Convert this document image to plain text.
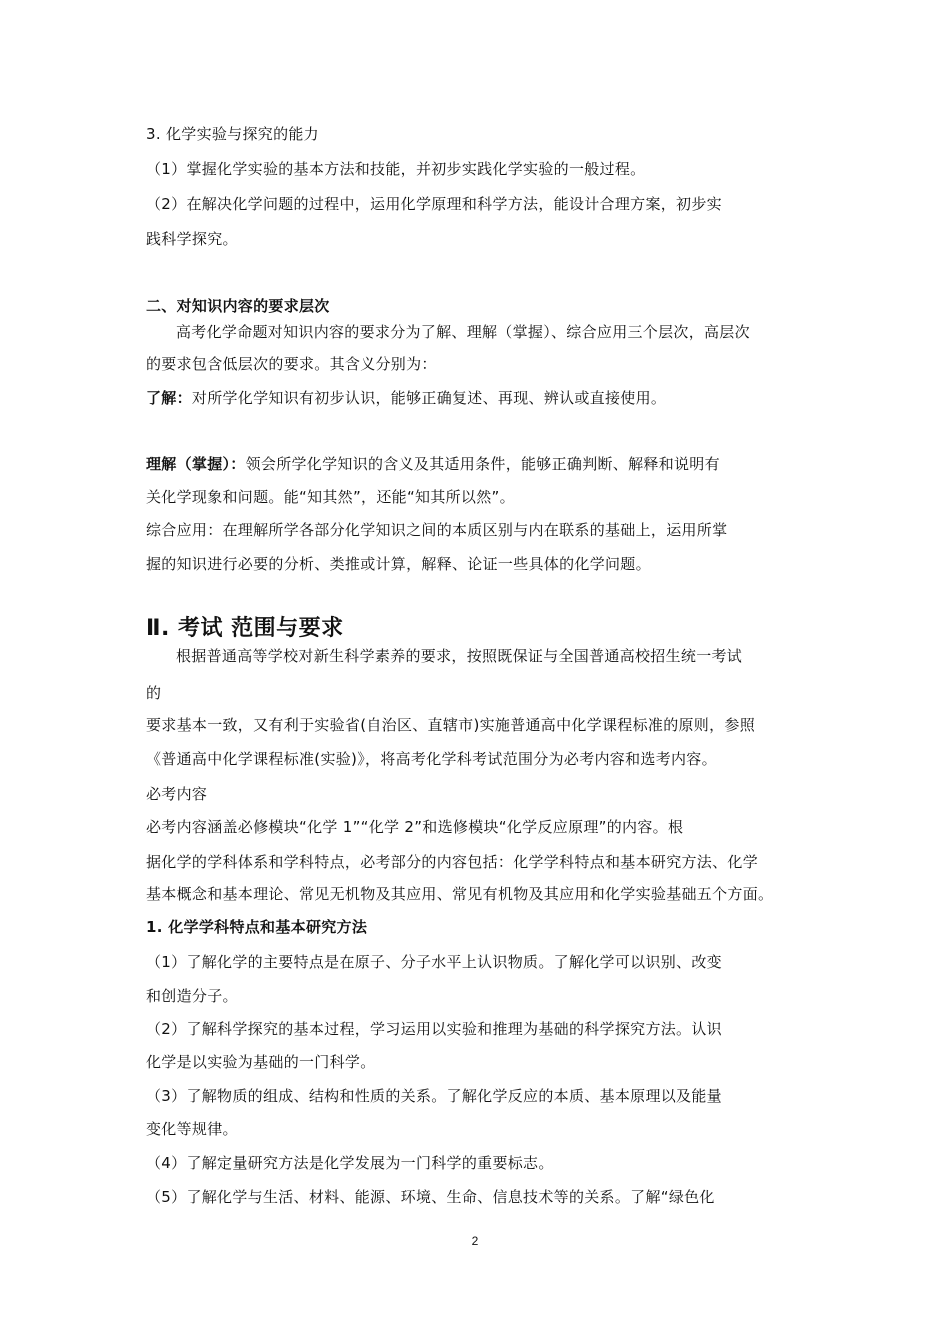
3. 化学实验与探究的能力
（1）掌握化学实验的基本方法和技能，并初步实践化学实验的一般过程。
（2）在解决化学问题的过程中，运用化学原理和科学方法，能设计合理方案，初步实
践科学探究。
二、对知识内容的要求层次
高考化学命题对知识内容的要求分为了解、理解（掌握）、综合应用三个层次，高层次
的要求包含低层次的要求。其含义分别为：
了解：对所学化学知识有初步认识，能够正确复述、再现、辨认或直接使用。
理解（掌握）：领会所学化学知识的含义及其适用条件，能够正确判断、解释和说明有
关化学现象和问题。能“知其然”，还能“知其所以然”。
综合应用：在理解所学各部分化学知识之间的本质区别与内在联系的基础上，运用所掌
握的知识进行必要的分析、类推或计算，解释、论证一些具体的化学问题。
Ⅱ. 考试 范围与要求
根据普通高等学校对新生科学素养的要求，按照既保证与全国普通高校招生统一考试
的
要求基本一致，又有利于实验省(自治区、直辖市)实施普通高中化学课程标准的原则，参照
《普通高中化学课程标准(实验)》，将高考化学科考试范围分为必考内容和选考内容。
必考内容
必考内容涵盖必修模块“化学 1”“化学 2”和选修模块“化学反应原理”的内容。根
据化学的学科体系和学科特点，必考部分的内容包括：化学学科特点和基本研究方法、化学
基本概念和基本理论、常见无机物及其应用、常见有机物及其应用和化学实验基础五个方面。
1. 化学学科特点和基本研究方法
（1）了解化学的主要特点是在原子、分子水平上认识物质。了解化学可以识别、改变
和创造分子。
（2）了解科学探究的基本过程，学习运用以实验和推理为基础的科学探究方法。认识
化学是以实验为基础的一门科学。
（3）了解物质的组成、结构和性质的关系。了解化学反应的本质、基本原理以及能量
变化等规律。
（4）了解定量研究方法是化学发展为一门科学的重要标志。
（5）了解化学与生活、材料、能源、环境、生命、信息技术等的关系。了解“绿色化
2
